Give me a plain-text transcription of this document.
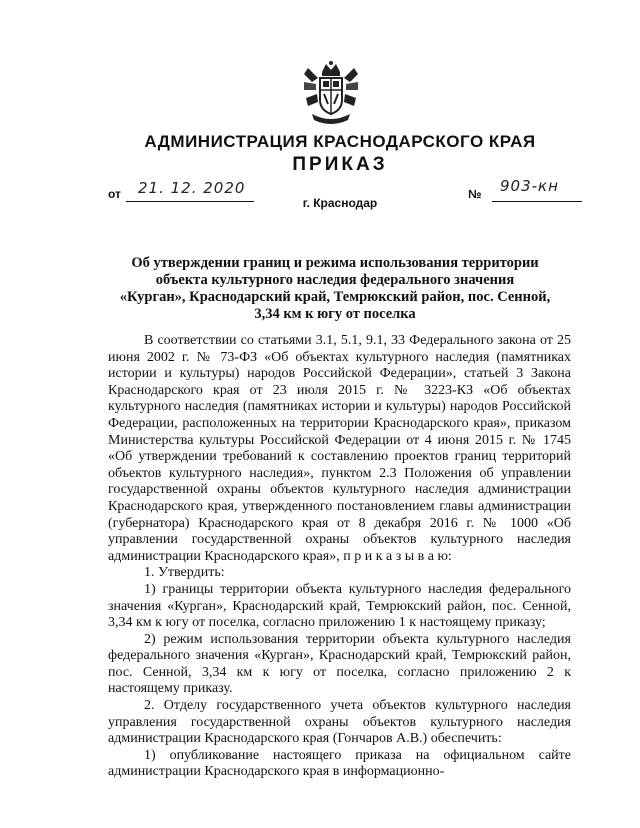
АДМИНИСТРАЦИЯ КРАСНОДАРСКОГО КРАЯ
ПРИКАЗ
от 21. 12. 2020	№ 903-кн
г. Краснодар
Об утверждении границ и режима использования территории
объекта культурного наследия федерального значения
«Курган», Краснодарский край, Темрюкский район, пос. Сенной,
3,34 км к югу от поселка

В соответствии со статьями 3.1, 5.1, 9.1, 33 Федерального закона от 25 июня 2002 г. № 73-ФЗ «Об объектах культурного наследия (памятниках истории и культуры) народов Российской Федерации», статьей 3 Закона Краснодарского края от 23 июля 2015 г. № 3223-КЗ «Об объектах культурного наследия (памятниках истории и культуры) народов Российской Федерации, расположенных на территории Краснодарского края», приказом Министерства культуры Российской Федерации от 4 июня 2015 г. № 1745 «Об утверждении требований к составлению проектов границ территорий объектов культурного наследия», пунктом 2.3 Положения об управлении государственной охраны объектов культурного наследия администрации Краснодарского края, утвержденного постановлением главы администрации (губернатора) Краснодарского края от 8 декабря 2016 г. № 1000 «Об управлении государственной охраны объектов культурного наследия администрации Краснодарского края», п р и к а з ы в а ю:

1. Утвердить:

1) границы территории объекта культурного наследия федерального значения «Курган», Краснодарский край, Темрюкский район, пос. Сенной, 3,34 км к югу от поселка, согласно приложению 1 к настоящему приказу;

2) режим использования территории объекта культурного наследия федерального значения «Курган», Краснодарский край, Темрюкский район, пос. Сенной, 3,34 км к югу от поселка, согласно приложению 2 к настоящему приказу.

2. Отделу государственного учета объектов культурного наследия управления государственной охраны объектов культурного наследия администрации Краснодарского края (Гончаров А.В.) обеспечить:

1) опубликование настоящего приказа на официальном сайте администрации Краснодарского края в информационно-
